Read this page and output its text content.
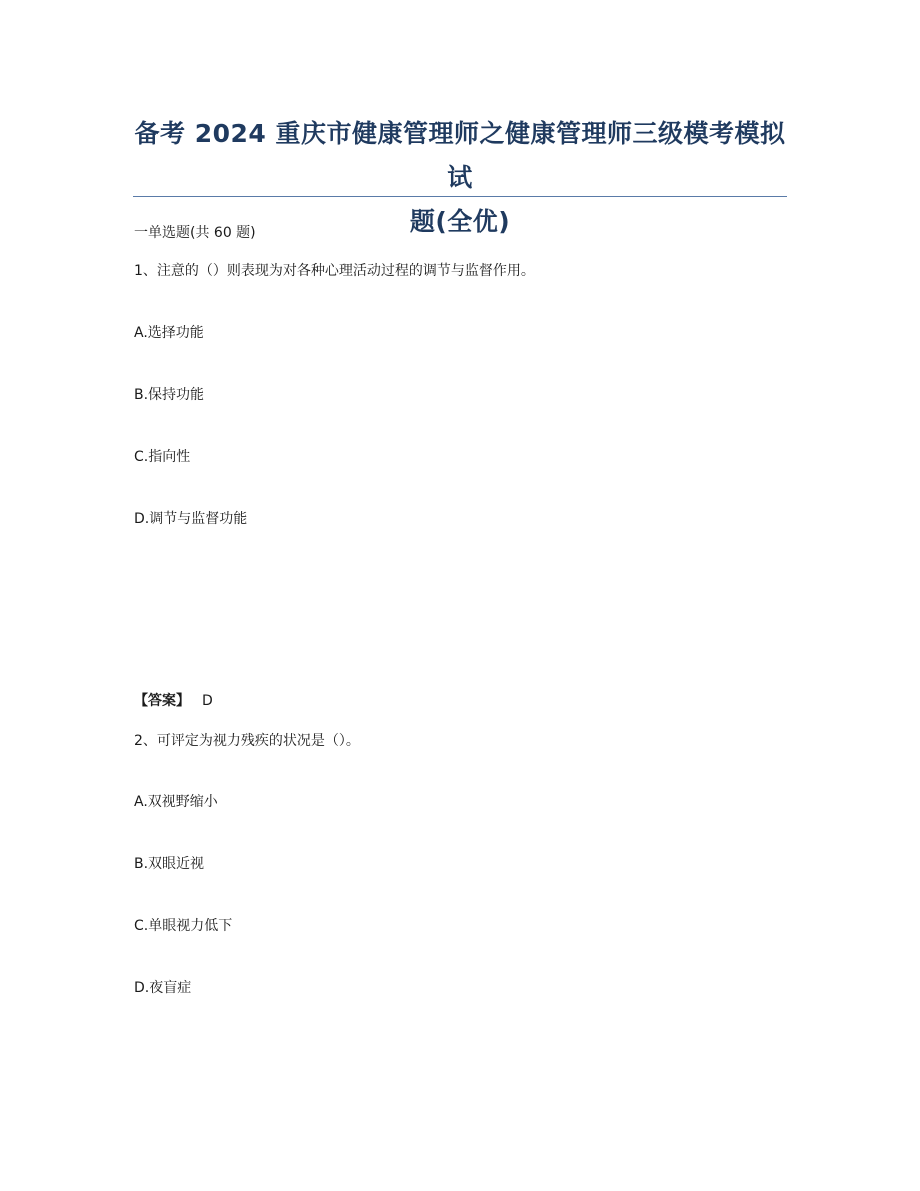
备考 2024 重庆市健康管理师之健康管理师三级模考模拟试
题(全优)
一单选题(共 60 题)
1、注意的（）则表现为对各种心理活动过程的调节与监督作用。
A.选择功能
B.保持功能
C.指向性
D.调节与监督功能
【答案】 D
2、可评定为视力残疾的状况是（）。
A.双视野缩小
B.双眼近视
C.单眼视力低下
D.夜盲症
